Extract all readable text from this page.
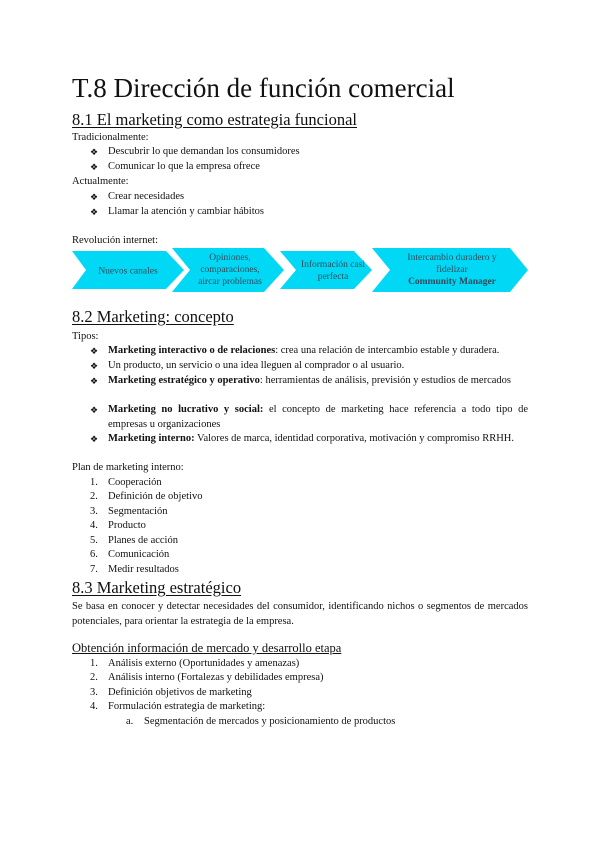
T.8 Dirección de función comercial
8.1 El marketing como estrategia funcional
Tradicionalmente:
❖ Descubrir lo que demandan los consumidores
❖ Comunicar lo que la empresa ofrece
Actualmente:
❖ Crear necesidades
❖ Llamar la atención y cambiar hábitos
Revolución internet:
Nuevos canales
Opiniones,
comparaciones,
aircar problemas
Información casi
perfecta
Intercambio duradero y
fidelizar
Community Manager
8.2 Marketing: concepto
Tipos:
❖ Marketing interactivo o de relaciones: crea una relación de intercambio estable y duradera.
❖ Un producto, un servicio o una idea lleguen al comprador o al usuario.
❖ Marketing estratégico y operativo: herramientas de análisis, previsión y estudios de mercados
❖ Marketing no lucrativo y social: el concepto de marketing hace referencia a todo tipo de empresas u organizaciones
❖ Marketing interno: Valores de marca, identidad corporativa, motivación y compromiso RRHH.
Plan de marketing interno:
1. Cooperación
2. Definición de objetivo
3. Segmentación
4. Producto
5. Planes de acción
6. Comunicación
7. Medir resultados
8.3 Marketing estratégico
Se basa en conocer y detectar necesidades del consumidor, identificando nichos o segmentos de mercados potenciales, para orientar la estrategia de la empresa.
Obtención información de mercado y desarrollo etapa
1. Análisis externo (Oportunidades y amenazas)
2. Análisis interno (Fortalezas y debilidades empresa)
3. Definición objetivos de marketing
4. Formulación estrategia de marketing:
a. Segmentación de mercados y posicionamiento de productos
